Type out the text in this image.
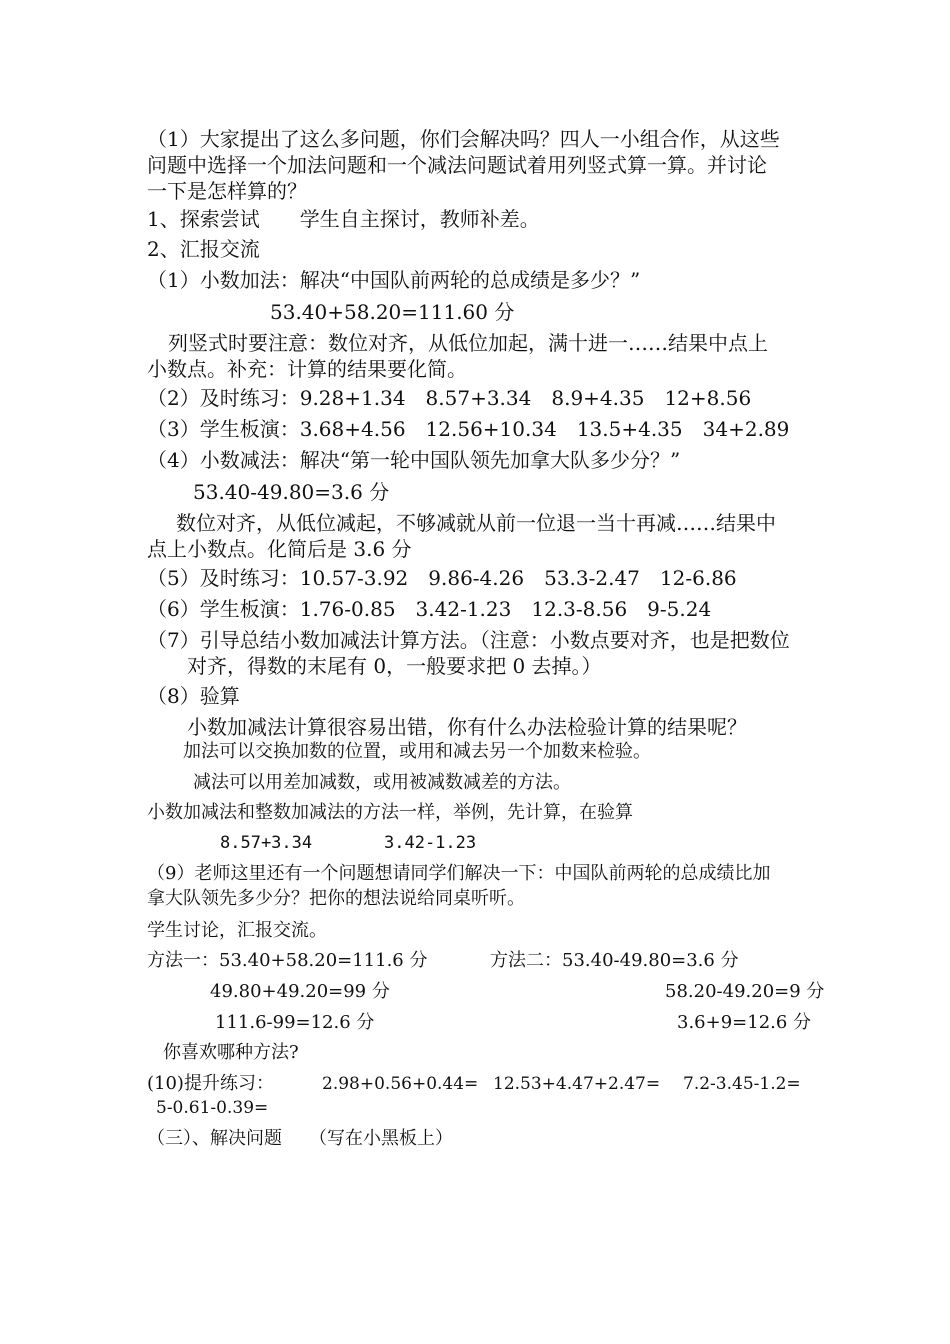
（1）大家提出了这么多问题，你们会解决吗？四人一小组合作，从这些
问题中选择一个加法问题和一个减法问题试着用列竖式算一算。并讨论
一下是怎样算的？
1、探索尝试　　学生自主探讨，教师补差。
2、汇报交流
（1）小数加法：解决“中国队前两轮的总成绩是多少？”
53.40+58.20=111.60 分
列竖式时要注意：数位对齐，从低位加起，满十进一……结果中点上
小数点。补充：计算的结果要化简。
（2）及时练习：9.28+1.34　8.57+3.34　8.9+4.35　12+8.56
（3）学生板演：3.68+4.56　12.56+10.34　13.5+4.35　34+2.89
（4）小数减法：解决“第一轮中国队领先加拿大队多少分？”
53.40-49.80=3.6 分
数位对齐，从低位减起，不够减就从前一位退一当十再减……结果中
点上小数点。化简后是 3.6 分
（5）及时练习：10.57-3.92　9.86-4.26　53.3-2.47　12-6.86
（6）学生板演：1.76-0.85　3.42-1.23　12.3-8.56　9-5.24
（7）引导总结小数加减法计算方法。（注意：小数点要对齐，也是把数位
对齐，得数的末尾有 0，一般要求把 0 去掉。）
（8）验算
小数加减法计算很容易出错，你有什么办法检验计算的结果呢？
加法可以交换加数的位置，或用和减去另一个加数来检验。
减法可以用差加减数，或用被减数减差的方法。
小数加减法和整数加减法的方法一样，举例，先计算，在验算
8.57+3.34	3.42-1.23
（9）老师这里还有一个问题想请同学们解决一下：中国队前两轮的总成绩比加
拿大队领先多少分？把你的想法说给同桌听听。
学生讨论，汇报交流。
方法一：53.40+58.20=111.6 分	方法二：53.40-49.80=3.6 分
49.80+49.20=99 分	58.20-49.20=9 分
111.6-99=12.6 分	3.6+9=12.6 分
你喜欢哪种方法?
(10)提升练习：	2.98+0.56+0.44= 12.53+4.47+2.47= 7.2-3.45-1.2=
5-0.61-0.39=
（三）、解决问题　　（写在小黑板上）
